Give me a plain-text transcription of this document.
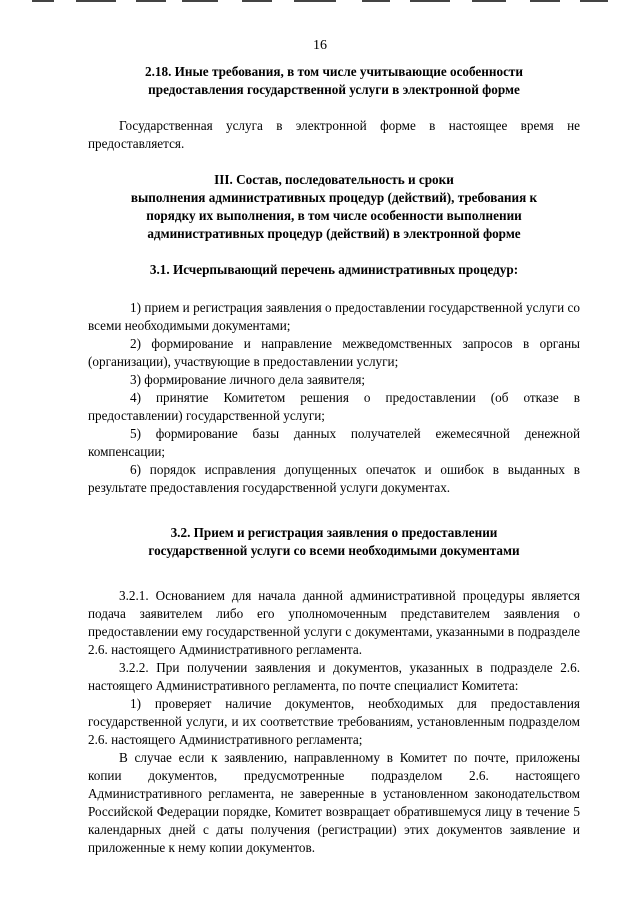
16
2.18. Иные требования, в том числе учитывающие особенности
предоставления государственной услуги в электронной форме
Государственная услуга в электронной форме в настоящее время не предоставляется.
III. Состав, последовательность и сроки
выполнения административных процедур (действий), требования к
порядку их выполнения, в том числе особенности выполнении
административных процедур (действий) в электронной форме
3.1. Исчерпывающий перечень административных процедур:
1) прием и регистрация заявления о предоставлении государственной услуги со всеми необходимыми документами;
2) формирование и направление межведомственных запросов в органы (организации), участвующие в предоставлении услуги;
3) формирование личного дела заявителя;
4) принятие Комитетом решения о предоставлении (об отказе в предоставлении) государственной услуги;
5) формирование базы данных получателей ежемесячной денежной компенсации;
6) порядок исправления допущенных опечаток и ошибок в выданных в результате предоставления государственной услуги документах.
3.2. Прием и регистрация заявления о предоставлении
государственной услуги со всеми необходимыми документами
3.2.1. Основанием для начала данной административной процедуры является подача заявителем либо его уполномоченным представителем заявления о предоставлении ему государственной услуги с документами, указанными в подразделе 2.6. настоящего Административного регламента.
3.2.2. При получении заявления и документов, указанных в подразделе 2.6. настоящего Административного регламента, по почте специалист Комитета:
1) проверяет наличие документов, необходимых для предоставления государственной услуги, и их соответствие требованиям, установленным подразделом 2.6. настоящего Административного регламента;
В случае если к заявлению, направленному в Комитет по почте, приложены копии документов, предусмотренные подразделом 2.6. настоящего Административного регламента, не заверенные в установленном законодательством Российской Федерации порядке, Комитет возвращает обратившемуся лицу в течение 5 календарных дней с даты получения (регистрации) этих документов заявление и приложенные к нему копии документов.
